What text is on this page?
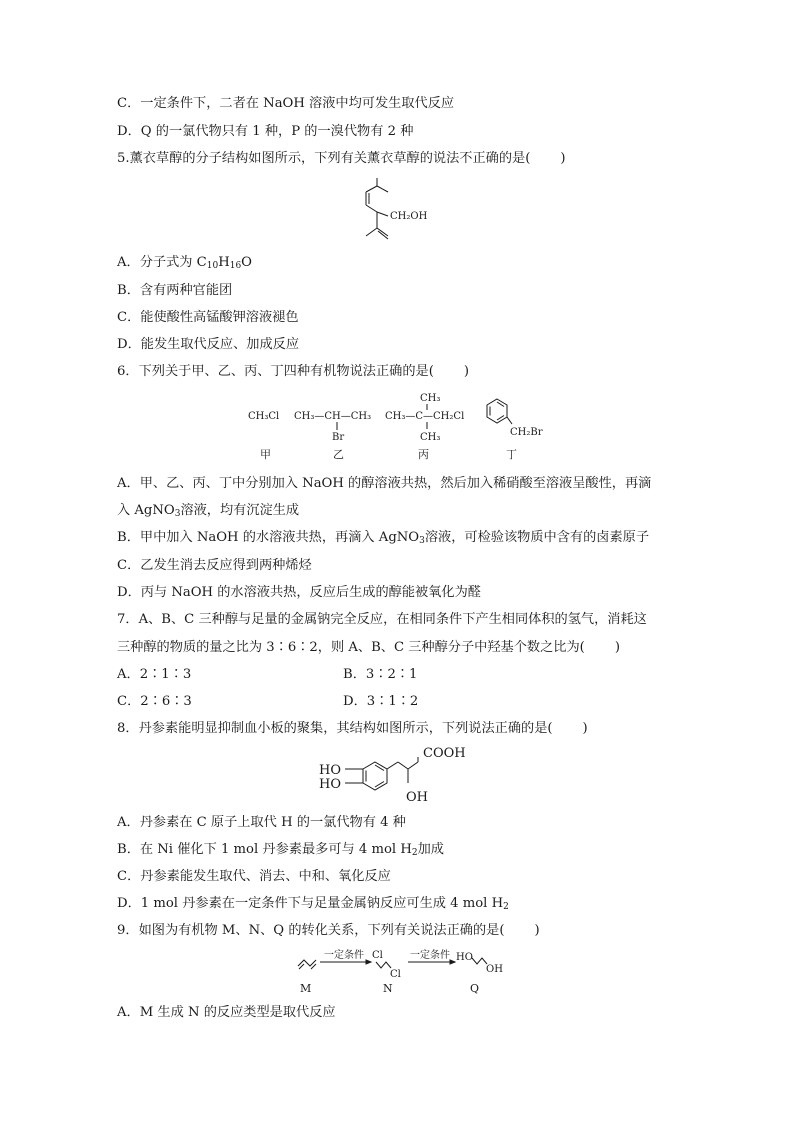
C．一定条件下，二者在 NaOH 溶液中均可发生取代反应
D．Q 的一氯代物只有 1 种，P 的一溴代物有 2 种
5.薰衣草醇的分子结构如图所示，下列有关薰衣草醇的说法不正确的是( )
CH₂OH
A．分子式为 $C_{10}H_{16}O$
B．含有两种官能团
C．能使酸性高锰酸钾溶液褪色
D．能发生取代反应、加成反应
6．下列关于甲、乙、丙、丁四种有机物说法正确的是( )
CH₃Cl CH₃—CH—CH₃
Br
CH₃
CH₃—C—CH₂Cl
CH₃	CH₂Br
甲	乙	丙	丁
A．甲、乙、丙、丁中分别加入 NaOH 的醇溶液共热，然后加入稀硝酸至溶液呈酸性，再滴
入 AgNO$_3$溶液，均有沉淀生成
B．甲中加入 NaOH 的水溶液共热，再滴入 AgNO$_3$溶液，可检验该物质中含有的卤素原子
C．乙发生消去反应得到两种烯烃
D．丙与 NaOH 的水溶液共热，反应后生成的醇能被氧化为醛
7．A、B、C 三种醇与足量的金属钠完全反应，在相同条件下产生相同体积的氢气，消耗这
三种醇的物质的量之比为 3∶6∶2，则 A、B、C 三种醇分子中羟基个数之比为( )
A．2∶1∶3	B．3∶2∶1
C．2∶6∶3	D．3∶1∶2
8．丹参素能明显抑制血小板的聚集，其结构如图所示，下列说法正确的是( )
COOH
HO
HO
OH
A．丹参素在 C 原子上取代 H 的一氯代物有 4 种
B．在 Ni 催化下 1 mol 丹参素最多可与 4 mol $H_2$加成
C．丹参素能发生取代、消去、中和、氧化反应
D．1 mol 丹参素在一定条件下与足量金属钠反应可生成 4 mol $H_2$
9．如图为有机物 M、N、Q 的转化关系，下列有关说法正确的是( )
一定条件	一定条件
Cl
Cl
HO
OH
M	N	Q
A．M 生成 N 的反应类型是取代反应
